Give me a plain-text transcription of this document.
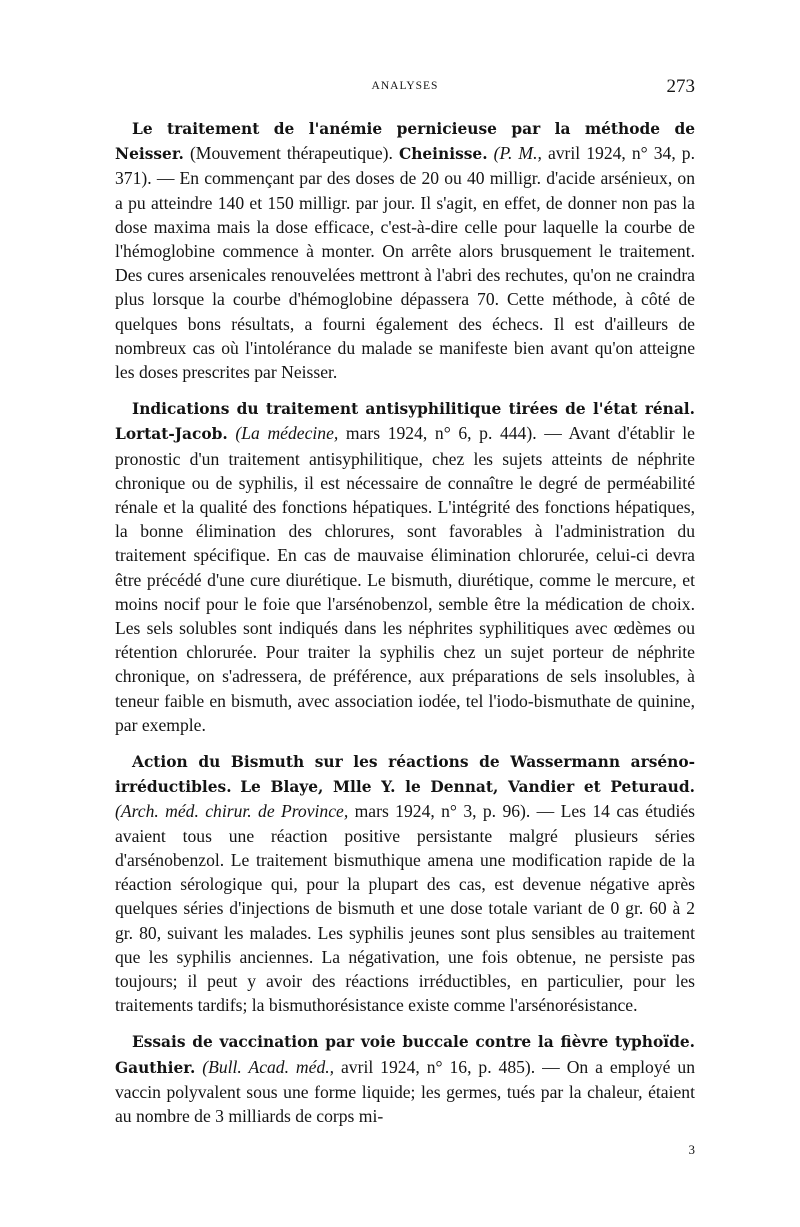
ANALYSES	273

Le traitement de l'anémie pernicieuse par la méthode de Neisser. (Mouvement thérapeutique). Cheinisse. (P. M., avril 1924, n° 34, p. 371). — En commençant par des doses de 20 ou 40 milligr. d'acide arsénieux, on a pu atteindre 140 et 150 milligr. par jour. Il s'agit, en effet, de donner non pas la dose maxima mais la dose efficace, c'est-à-dire celle pour laquelle la courbe de l'hémoglobine commence à monter. On arrête alors brusquement le traitement. Des cures arsenicales renouvelées mettront à l'abri des rechutes, qu'on ne craindra plus lorsque la courbe d'hémoglobine dépassera 70. Cette méthode, à côté de quelques bons résultats, a fourni également des échecs. Il est d'ailleurs de nombreux cas où l'intolérance du malade se manifeste bien avant qu'on atteigne les doses prescrites par Neisser.

Indications du traitement antisyphilitique tirées de l'état rénal. Lortat-Jacob. (La médecine, mars 1924, n° 6, p. 444). — Avant d'établir le pronostic d'un traitement antisyphilitique, chez les sujets atteints de néphrite chronique ou de syphilis, il est nécessaire de connaître le degré de perméabilité rénale et la qualité des fonctions hépatiques. L'intégrité des fonctions hépatiques, la bonne élimination des chlorures, sont favorables à l'administration du traitement spécifique. En cas de mauvaise élimination chlorurée, celui-ci devra être précédé d'une cure diurétique. Le bismuth, diurétique, comme le mercure, et moins nocif pour le foie que l'arsénobenzol, semble être la médication de choix. Les sels solubles sont indiqués dans les néphrites syphilitiques avec œdèmes ou rétention chlorurée. Pour traiter la syphilis chez un sujet porteur de néphrite chronique, on s'adressera, de préférence, aux préparations de sels insolubles, à teneur faible en bismuth, avec association iodée, tel l'iodo-bismuthate de quinine, par exemple.

Action du Bismuth sur les réactions de Wassermann arséno-irréductibles. Le Blaye, Mlle Y. le Dennat, Vandier et Peturaud. (Arch. méd. chirur. de Province, mars 1924, n° 3, p. 96). — Les 14 cas étudiés avaient tous une réaction positive persistante malgré plusieurs séries d'arsénobenzol. Le traitement bismuthique amena une modification rapide de la réaction sérologique qui, pour la plupart des cas, est devenue négative après quelques séries d'injections de bismuth et une dose totale variant de 0 gr. 60 à 2 gr. 80, suivant les malades. Les syphilis jeunes sont plus sensibles au traitement que les syphilis anciennes. La négativation, une fois obtenue, ne persiste pas toujours; il peut y avoir des réactions irréductibles, en particulier, pour les traitements tardifs; la bismuthorésistance existe comme l'arsénorésistance.

Essais de vaccination par voie buccale contre la fièvre typhoïde. Gauthier. (Bull. Acad. méd., avril 1924, n° 16, p. 485). — On a employé un vaccin polyvalent sous une forme liquide; les germes, tués par la chaleur, étaient au nombre de 3 milliards de corps mi-

3
